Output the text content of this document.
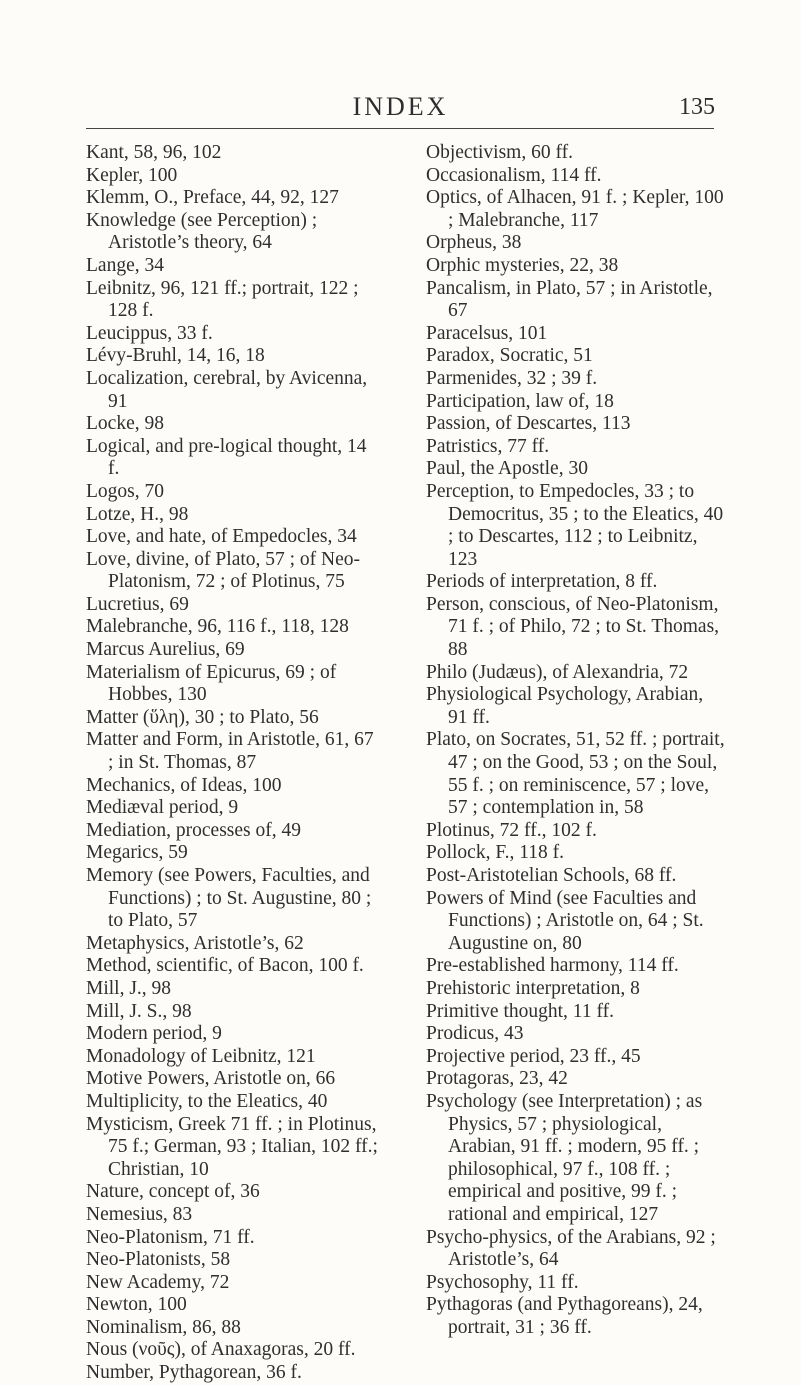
INDEX	135

Kant, 58, 96, 102

Kepler, 100

Klemm, O., Preface, 44, 92, 127

Knowledge (see Perception) ; Aristotle’s theory, 64

Lange, 34

Leibnitz, 96, 121 ff.; portrait, 122 ; 128 f.

Leucippus, 33 f.

Lévy-Bruhl, 14, 16, 18

Localization, cerebral, by Avicenna, 91

Locke, 98

Logical, and pre-logical thought, 14 f.

Logos, 70

Lotze, H., 98

Love, and hate, of Empedocles, 34

Love, divine, of Plato, 57 ; of Neo-Platonism, 72 ; of Plotinus, 75

Lucretius, 69

Malebranche, 96, 116 f., 118, 128

Marcus Aurelius, 69

Materialism of Epicurus, 69 ; of Hobbes, 130

Matter (ὕλη), 30 ; to Plato, 56

Matter and Form, in Aristotle, 61, 67 ; in St. Thomas, 87

Mechanics, of Ideas, 100

Mediæval period, 9

Mediation, processes of, 49

Megarics, 59

Memory (see Powers, Faculties, and Functions) ; to St. Augustine, 80 ; to Plato, 57

Metaphysics, Aristotle’s, 62

Method, scientific, of Bacon, 100 f.

Mill, J., 98

Mill, J. S., 98

Modern period, 9

Monadology of Leibnitz, 121

Motive Powers, Aristotle on, 66

Multiplicity, to the Eleatics, 40

Mysticism, Greek 71 ff. ; in Plotinus, 75 f.; German, 93 ; Italian, 102 ff.; Christian, 10

Nature, concept of, 36

Nemesius, 83

Neo-Platonism, 71 ff.

Neo-Platonists, 58

New Academy, 72

Newton, 100

Nominalism, 86, 88

Nous (νοῦς), of Anaxagoras, 20 ff.

Number, Pythagorean, 36 f.

Objectivism, 60 ff.

Occasionalism, 114 ff.

Optics, of Alhacen, 91 f. ; Kepler, 100 ; Malebranche, 117

Orpheus, 38

Orphic mysteries, 22, 38

Pancalism, in Plato, 57 ; in Aristotle, 67

Paracelsus, 101

Paradox, Socratic, 51

Parmenides, 32 ; 39 f.

Participation, law of, 18

Passion, of Descartes, 113

Patristics, 77 ff.

Paul, the Apostle, 30

Perception, to Empedocles, 33 ; to Democritus, 35 ; to the Eleatics, 40 ; to Descartes, 112 ; to Leibnitz, 123

Periods of interpretation, 8 ff.

Person, conscious, of Neo-Platonism, 71 f. ; of Philo, 72 ; to St. Thomas, 88

Philo (Judæus), of Alexandria, 72

Physiological Psychology, Arabian, 91 ff.

Plato, on Socrates, 51, 52 ff. ; portrait, 47 ; on the Good, 53 ; on the Soul, 55 f. ; on reminiscence, 57 ; love, 57 ; contemplation in, 58

Plotinus, 72 ff., 102 f.

Pollock, F., 118 f.

Post-Aristotelian Schools, 68 ff.

Powers of Mind (see Faculties and Functions) ; Aristotle on, 64 ; St. Augustine on, 80

Pre-established harmony, 114 ff.

Prehistoric interpretation, 8

Primitive thought, 11 ff.

Prodicus, 43

Projective period, 23 ff., 45

Protagoras, 23, 42

Psychology (see Interpretation) ; as Physics, 57 ; physiological, Arabian, 91 ff. ; modern, 95 ff. ; philosophical, 97 f., 108 ff. ; empirical and positive, 99 f. ; rational and empirical, 127

Psycho-physics, of the Arabians, 92 ; Aristotle’s, 64

Psychosophy, 11 ff.

Pythagoras (and Pythagoreans), 24, portrait, 31 ; 36 ff.
